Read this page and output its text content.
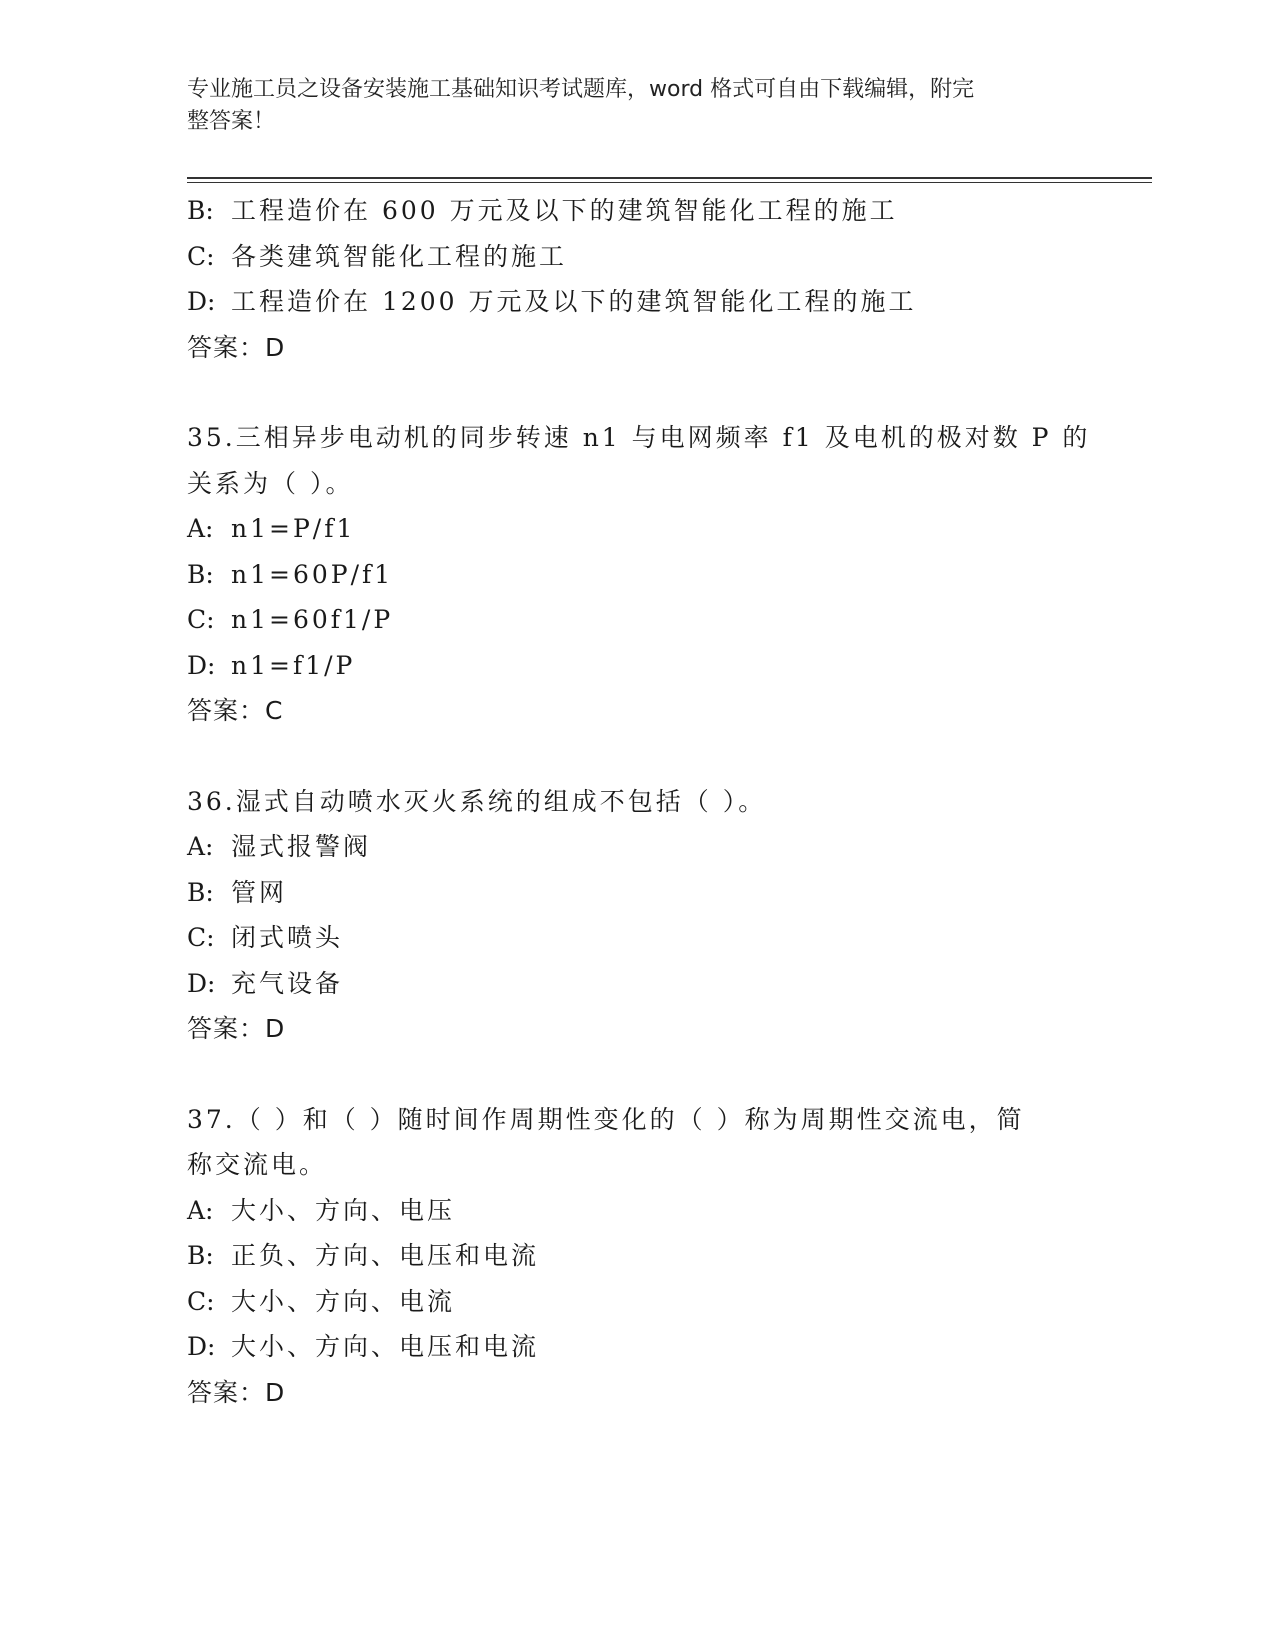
专业施工员之设备安装施工基础知识考试题库，word 格式可自由下载编辑，附完
整答案！
B: 工程造价在 600 万元及以下的建筑智能化工程的施工
C: 各类建筑智能化工程的施工
D: 工程造价在 1200 万元及以下的建筑智能化工程的施工
答案：D
35.三相异步电动机的同步转速 n1 与电网频率 f1 及电机的极对数 P 的
关系为（ ）。
A: n1=P/f1
B: n1=60P/f1
C: n1=60f1/P
D: n1=f1/P
答案：C
36.湿式自动喷水灭火系统的组成不包括（ ）。
A: 湿式报警阀
B: 管网
C: 闭式喷头
D: 充气设备
答案：D
37.（ ）和（ ）随时间作周期性变化的（ ）称为周期性交流电，简
称交流电。
A: 大小、方向、电压
B: 正负、方向、电压和电流
C: 大小、方向、电流
D: 大小、方向、电压和电流
答案：D
